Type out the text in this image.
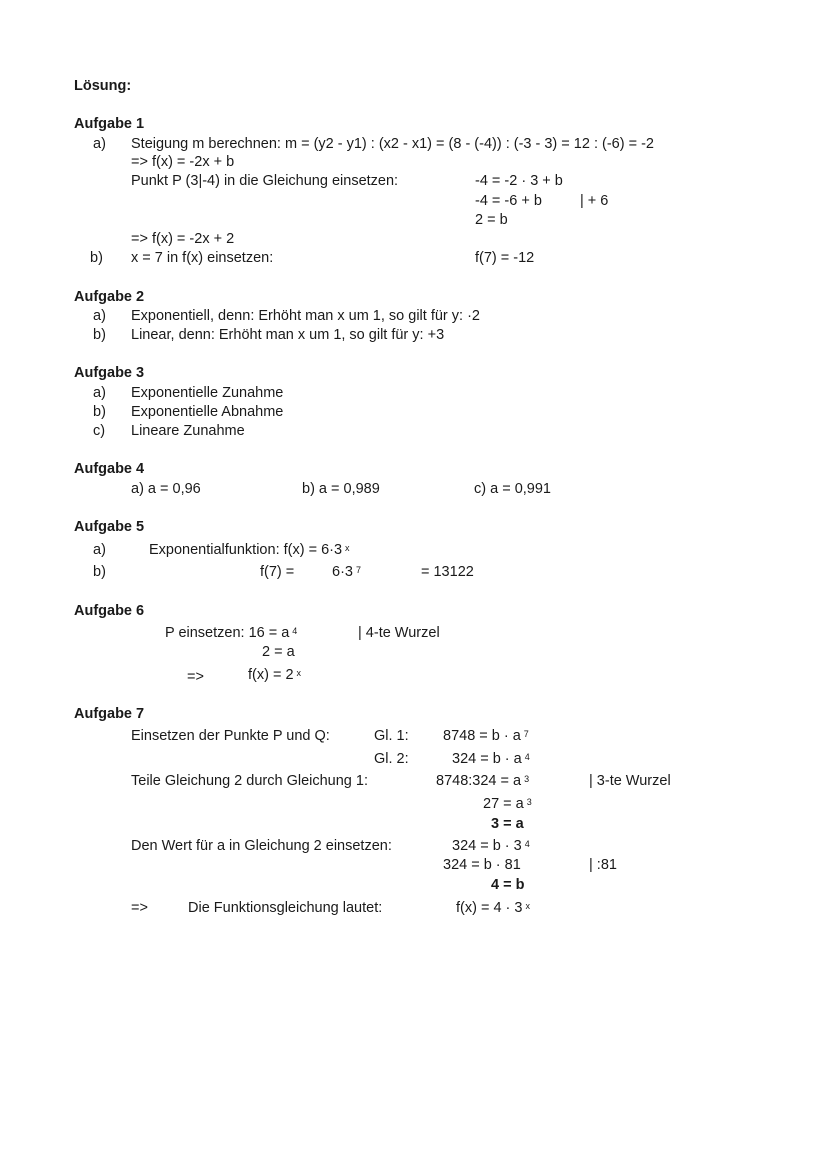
Lösung:
Aufgabe 1
a) Steigung m berechnen: m = (y2 - y1) : (x2 - x1) = (8 - (-4)) : (-3 - 3) = 12 : (-6) = -2
=> f(x) = -2x + b
Punkt P (3|-4) in die Gleichung einsetzen:	-4 = -2 · 3 + b
-4 = -6 + b	| + 6
2 = b
=> f(x) = -2x + 2
b) x = 7 in f(x) einsetzen:	f(7) = -12
Aufgabe 2
a) Exponentiell, denn: Erhöht man x um 1, so gilt für y: ·2
b) Linear, denn: Erhöht man x um 1, so gilt für y: +3
Aufgabe 3
a) Exponentielle Zunahme
b) Exponentielle Abnahme
c) Lineare Zunahme
Aufgabe 4
a) a = 0,96	b) a = 0,989	c) a = 0,991
Aufgabe 5
a)	Exponentialfunktion: f(x) = 6·3 $^x$
b)	f(7) =	6·3 $^7$	= 13122
Aufgabe 6
P einsetzen: 16 = a $^4$	| 4-te Wurzel
2 = a
=>	f(x) = 2 $^x$
Aufgabe 7
Einsetzen der Punkte P und Q:	Gl. 1: 8748 = b · a $^7$
Gl. 2:	324 = b · a $^4$
Teile Gleichung 2 durch Gleichung 1:	8748:324 = a $^3$	| 3-te Wurzel
27 = a $^3$
3 = a
Den Wert für a in Gleichung 2 einsetzen:	324 = b · 3 $^4$
324 = b · 81	| :81
4 = b
=>	Die Funktionsgleichung lautet:	f(x) = 4 · 3 $^x$
